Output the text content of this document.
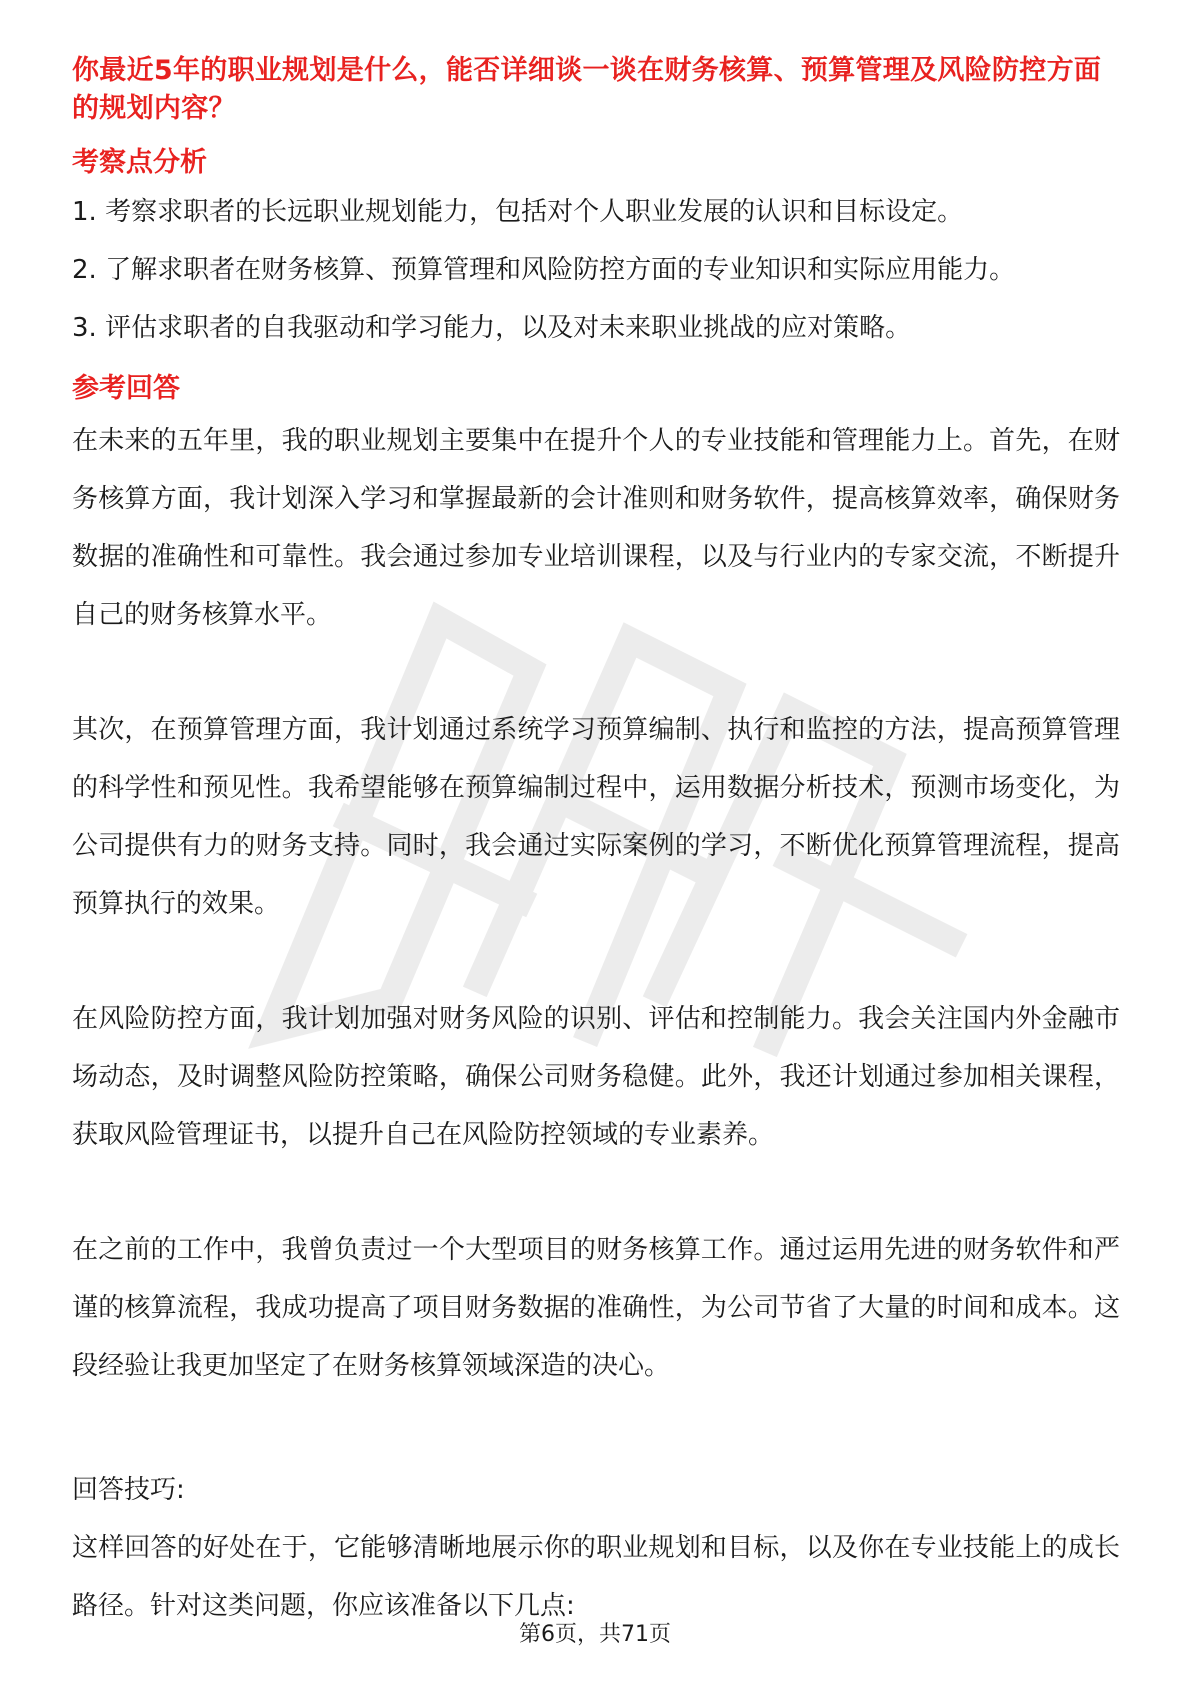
你最近5年的职业规划是什么，能否详细谈一谈在财务核算、预算管理及风险防控方面的规划内容？

考察点分析
1. 考察求职者的长远职业规划能力，包括对个人职业发展的认识和目标设定。
2. 了解求职者在财务核算、预算管理和风险防控方面的专业知识和实际应用能力。
3. 评估求职者的自我驱动和学习能力，以及对未来职业挑战的应对策略。
参考回答

在未来的五年里，我的职业规划主要集中在提升个人的专业技能和管理能力上。首先，在财务核算方面，我计划深入学习和掌握最新的会计准则和财务软件，提高核算效率，确保财务数据的准确性和可靠性。我会通过参加专业培训课程，以及与行业内的专家交流，不断提升自己的财务核算水平。

其次，在预算管理方面，我计划通过系统学习预算编制、执行和监控的方法，提高预算管理的科学性和预见性。我希望能够在预算编制过程中，运用数据分析技术，预测市场变化，为公司提供有力的财务支持。同时，我会通过实际案例的学习，不断优化预算管理流程，提高预算执行的效果。

在风险防控方面，我计划加强对财务风险的识别、评估和控制能力。我会关注国内外金融市场动态，及时调整风险防控策略，确保公司财务稳健。此外，我还计划通过参加相关课程，获取风险管理证书，以提升自己在风险防控领域的专业素养。

在之前的工作中，我曾负责过一个大型项目的财务核算工作。通过运用先进的财务软件和严谨的核算流程，我成功提高了项目财务数据的准确性，为公司节省了大量的时间和成本。这段经验让我更加坚定了在财务核算领域深造的决心。

回答技巧:

这样回答的好处在于，它能够清晰地展示你的职业规划和目标，以及你在专业技能上的成长路径。针对这类问题，你应该准备以下几点:

第6页，共71页
